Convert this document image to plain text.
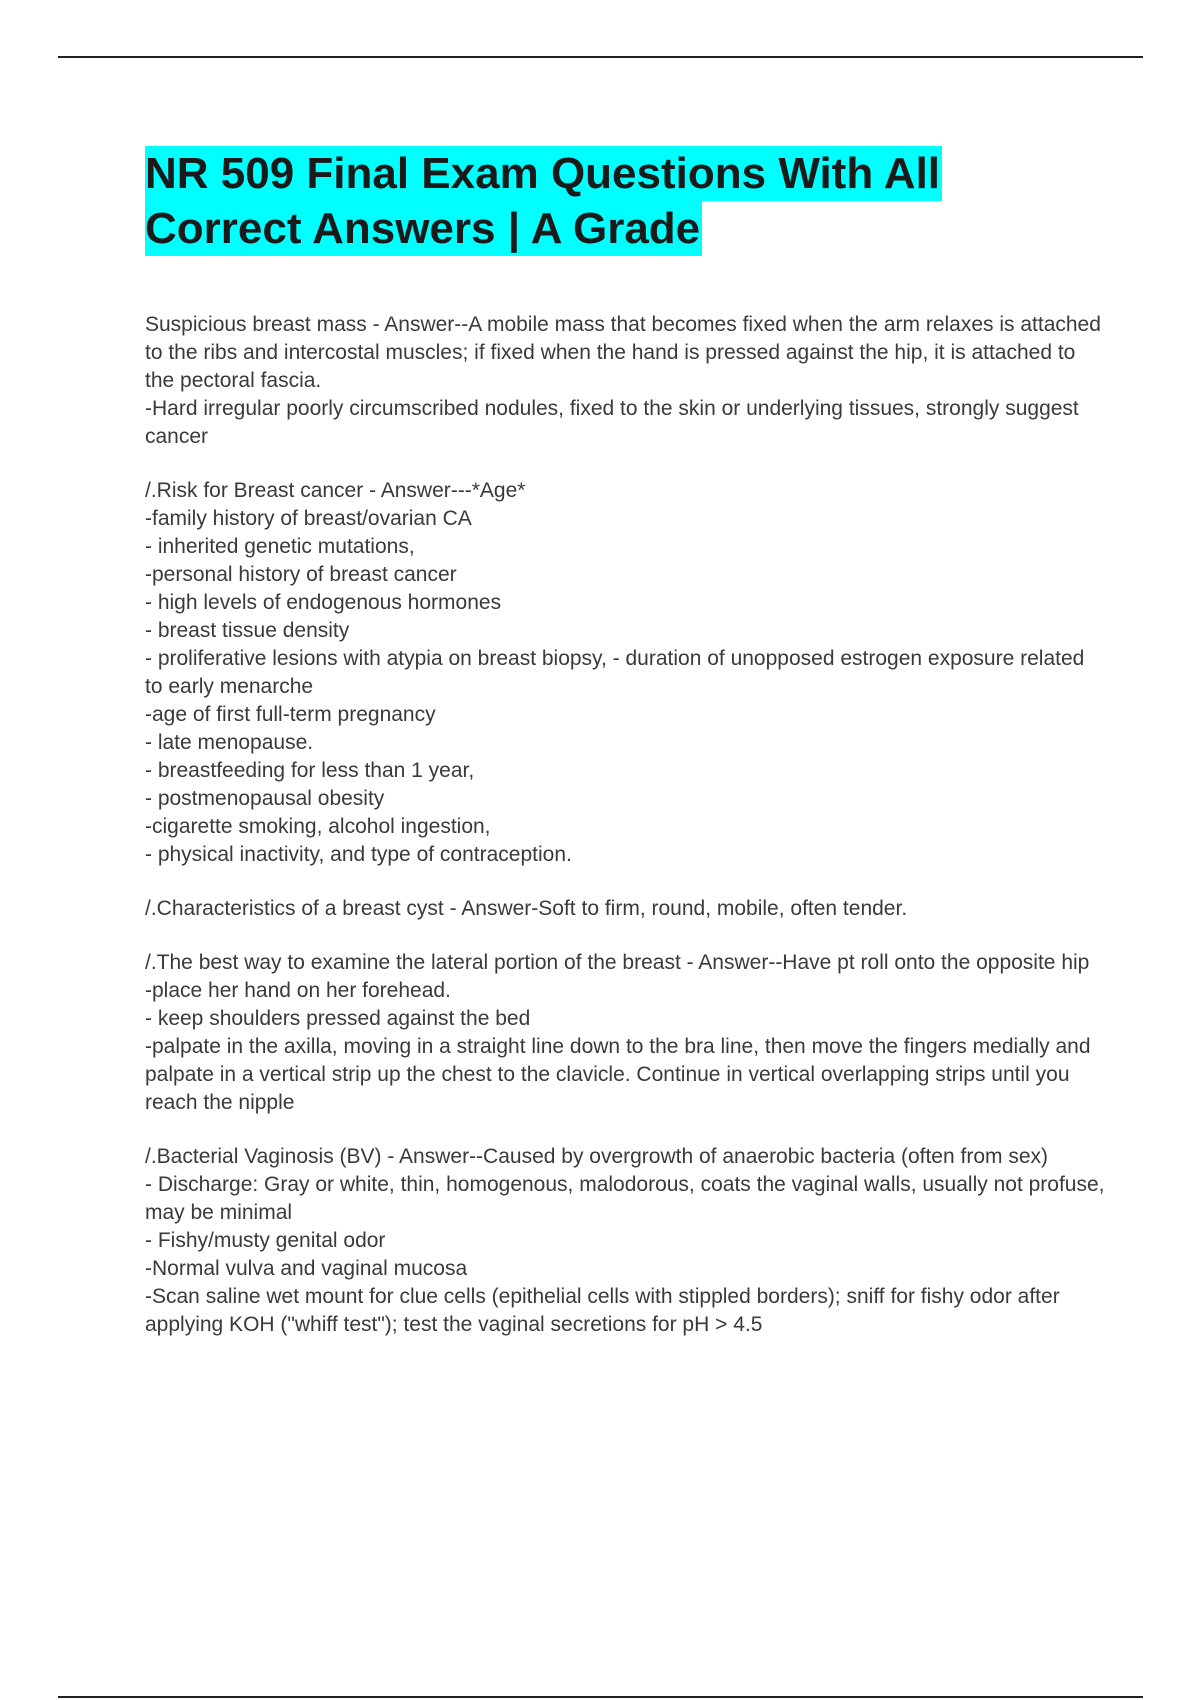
NR 509 Final Exam Questions With All
Correct Answers | A Grade

Suspicious breast mass - Answer--A mobile mass that becomes fixed when the arm relaxes is attached to the ribs and intercostal muscles; if fixed when the hand is pressed against the hip, it is attached to the pectoral fascia.

-Hard irregular poorly circumscribed nodules, fixed to the skin or underlying tissues, strongly suggest cancer

/.Risk for Breast cancer - Answer---*Age*

-family history of breast/ovarian CA

- inherited genetic mutations,

-personal history of breast cancer

- high levels of endogenous hormones

- breast tissue density

- proliferative lesions with atypia on breast biopsy, - duration of unopposed estrogen exposure related to early menarche

-age of first full-term pregnancy

- late menopause.

- breastfeeding for less than 1 year,

- postmenopausal obesity

-cigarette smoking, alcohol ingestion,

- physical inactivity, and type of contraception.

/.Characteristics of a breast cyst - Answer-Soft to firm, round, mobile, often tender.

/.The best way to examine the lateral portion of the breast - Answer--Have pt roll onto the opposite hip

-place her hand on her forehead.

- keep shoulders pressed against the bed

-palpate in the axilla, moving in a straight line down to the bra line, then move the fingers medially and palpate in a vertical strip up the chest to the clavicle. Continue in vertical overlapping strips until you reach the nipple

/.Bacterial Vaginosis (BV) - Answer--Caused by overgrowth of anaerobic bacteria (often from sex)

- Discharge: Gray or white, thin, homogenous, malodorous, coats the vaginal walls, usually not profuse, may be minimal

- Fishy/musty genital odor

-Normal vulva and vaginal mucosa

-Scan saline wet mount for clue cells (epithelial cells with stippled borders); sniff for fishy odor after applying KOH ("whiff test"); test the vaginal secretions for pH > 4.5
